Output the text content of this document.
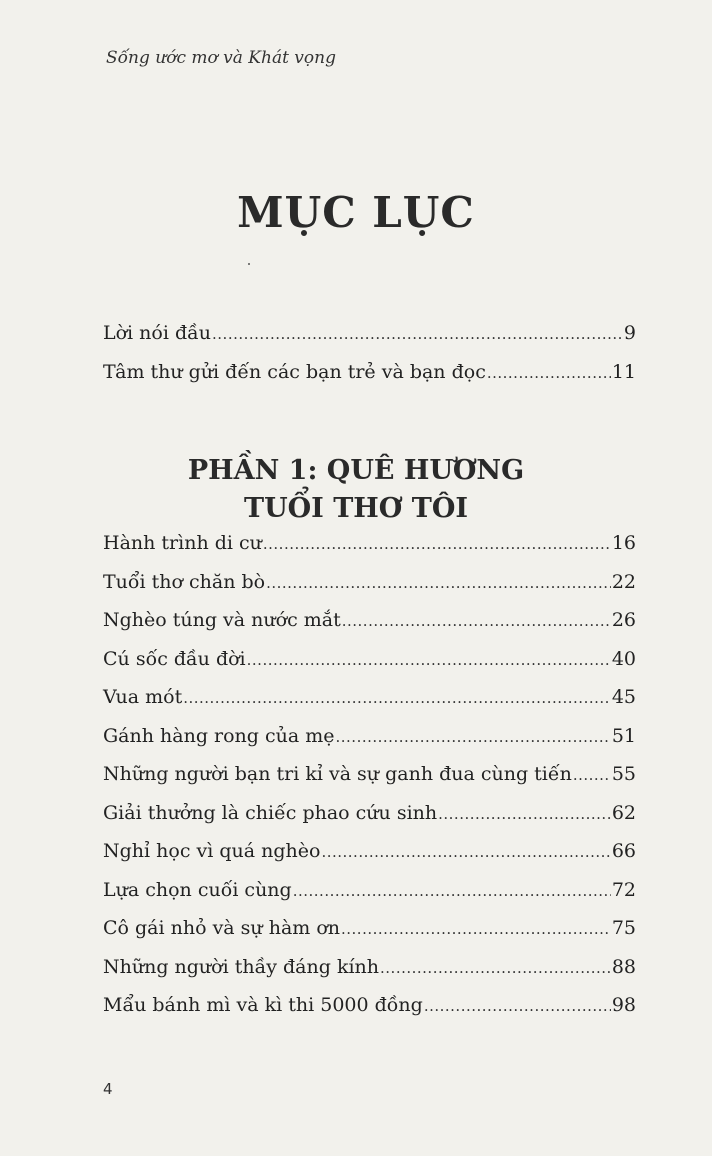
Sống ước mơ và Khát vọng
MỤC LỤC
Lời nói đầu .....	9
Tâm thư gửi đến các bạn trẻ và bạn đọc .....	11
PHẦN 1: QUÊ HƯƠNG
TUỔI THƠ TÔI
Hành trình di cư .....	16
Tuổi thơ chăn bò .....	22
Nghèo túng và nước mắt .....	26
Cú sốc đầu đời .....	40
Vua mót .....	45
Gánh hàng rong của mẹ .....	51
Những người bạn tri kỉ và sự ganh đua cùng tiến ..... 55
Giải thưởng là chiếc phao cứu sinh .....	62
Nghỉ học vì quá nghèo .....	66
Lựa chọn cuối cùng .....	72
Cô gái nhỏ và sự hàm ơn .....	75
Những người thầy đáng kính .....	88
Mẩu bánh mì và kì thi 5000 đồng .....	98
4
